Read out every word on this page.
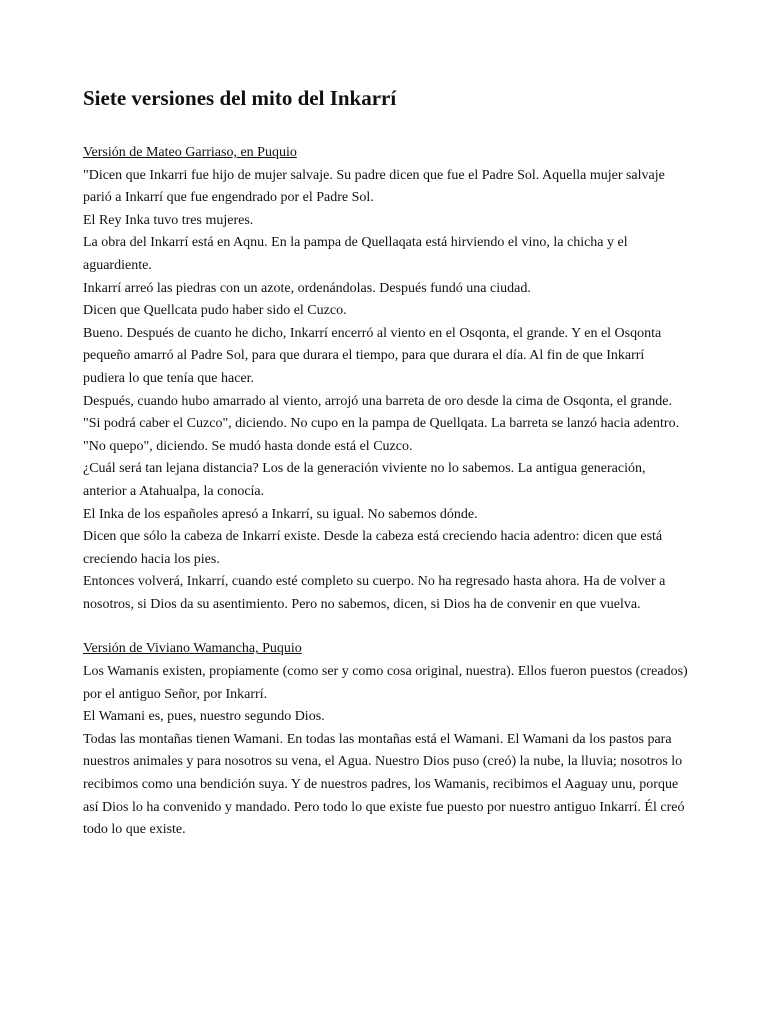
Siete versiones del mito del Inkarrí

Versión de Mateo Garriaso, en Puquio

"Dicen que Inkarri fue hijo de mujer salvaje. Su padre dicen que fue el Padre Sol. Aquella mujer salvaje parió a Inkarrí que fue engendrado por el Padre Sol.

El Rey Inka tuvo tres mujeres.

La obra del Inkarrí está en Aqnu. En la pampa de Quellaqata está hirviendo el vino, la chicha y el aguardiente.

Inkarrí arreó las piedras con un azote, ordenándolas. Después fundó una ciudad.

Dicen que Quellcata pudo haber sido el Cuzco.

Bueno. Después de cuanto he dicho, Inkarrí encerró al viento en el Osqonta, el grande. Y en el Osqonta pequeño amarró al Padre Sol, para que durara el tiempo, para que durara el día. Al fin de que Inkarrí pudiera lo que tenía que hacer.

Después, cuando hubo amarrado al viento, arrojó una barreta de oro desde la cima de Osqonta, el grande. "Si podrá caber el Cuzco", diciendo. No cupo en la pampa de Quellqata. La barreta se lanzó hacia adentro. "No quepo", diciendo. Se mudó hasta donde está el Cuzco.

¿Cuál será tan lejana distancia? Los de la generación viviente no lo sabemos. La antigua generación, anterior a Atahualpa, la conocía.

El Inka de los españoles apresó a Inkarrí, su igual. No sabemos dónde.

Dicen que sólo la cabeza de Inkarrí existe. Desde la cabeza está creciendo hacia adentro: dicen que está creciendo hacia los pies.

Entonces volverá, Inkarrí, cuando esté completo su cuerpo. No ha regresado hasta ahora. Ha de volver a nosotros, si Dios da su asentimiento. Pero no sabemos, dicen, si Dios ha de convenir en que vuelva.

Versión de Viviano Wamancha, Puquio

Los Wamanis existen, propiamente (como ser y como cosa original, nuestra). Ellos fueron puestos (creados) por el antiguo Señor, por Inkarrí.

El Wamani es, pues, nuestro segundo Dios.

Todas las montañas tienen Wamani. En todas las montañas está el Wamani. El Wamani da los pastos para nuestros animales y para nosotros su vena, el Agua. Nuestro Dios puso (creó) la nube, la lluvia; nosotros lo recibimos como una bendición suya. Y de nuestros padres, los Wamanis, recibimos el Aaguay unu, porque así Dios lo ha convenido y mandado. Pero todo lo que existe fue puesto por nuestro antiguo Inkarrí. Él creó todo lo que existe.
